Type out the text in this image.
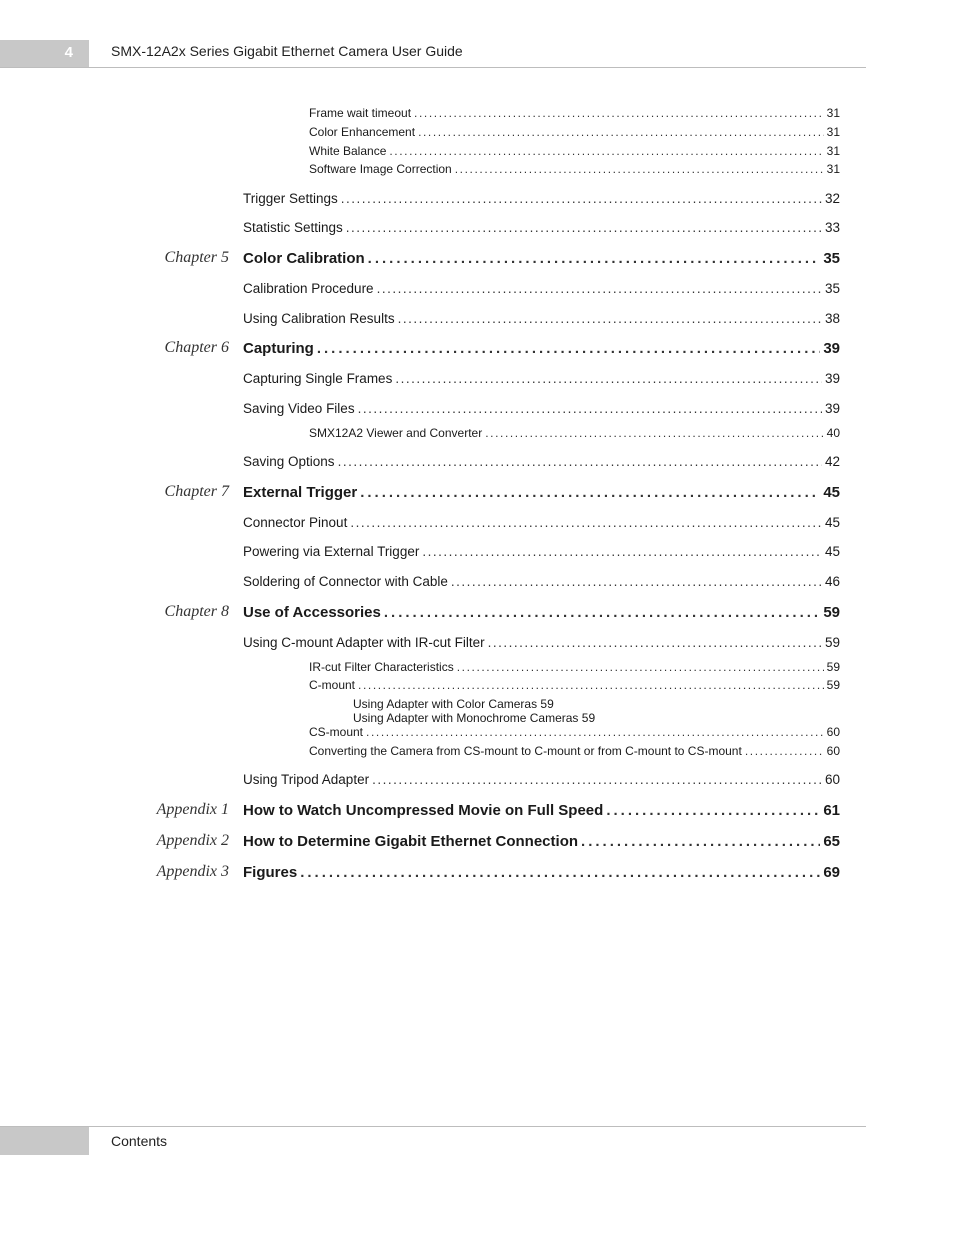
4	SMX-12A2x Series Gigabit Ethernet Camera User Guide
Frame wait timeout .....	31
Color Enhancement .....	31
White Balance .....	31
Software Image Correction .....	31
Trigger Settings .....	32
Statistic Settings .....	33
Chapter 5 Color Calibration .....	35
Calibration Procedure .....	35
Using Calibration Results .....	38
Chapter 6 Capturing .....	39
Capturing Single Frames .....	39
Saving Video Files .....	39
SMX12A2 Viewer and Converter .....	40
Saving Options .....	42
Chapter 7 External Trigger .....	45
Connector Pinout .....	45
Powering via External Trigger .....	45
Soldering of Connector with Cable .....	46
Chapter 8 Use of Accessories .....	59
Using C-mount Adapter with IR-cut Filter .....	59
IR-cut Filter Characteristics .....	59
C-mount .....	59
Using Adapter with Color Cameras 59
Using Adapter with Monochrome Cameras 59
CS-mount .....	60
Converting the Camera from CS-mount to C-mount or from C-mount to CS-mount .....	60
Using Tripod Adapter .....	60
Appendix 1 How to Watch Uncompressed Movie on Full Speed .....	61
Appendix 2 How to Determine Gigabit Ethernet Connection .....	65
Appendix 3 Figures .....	69
Contents
